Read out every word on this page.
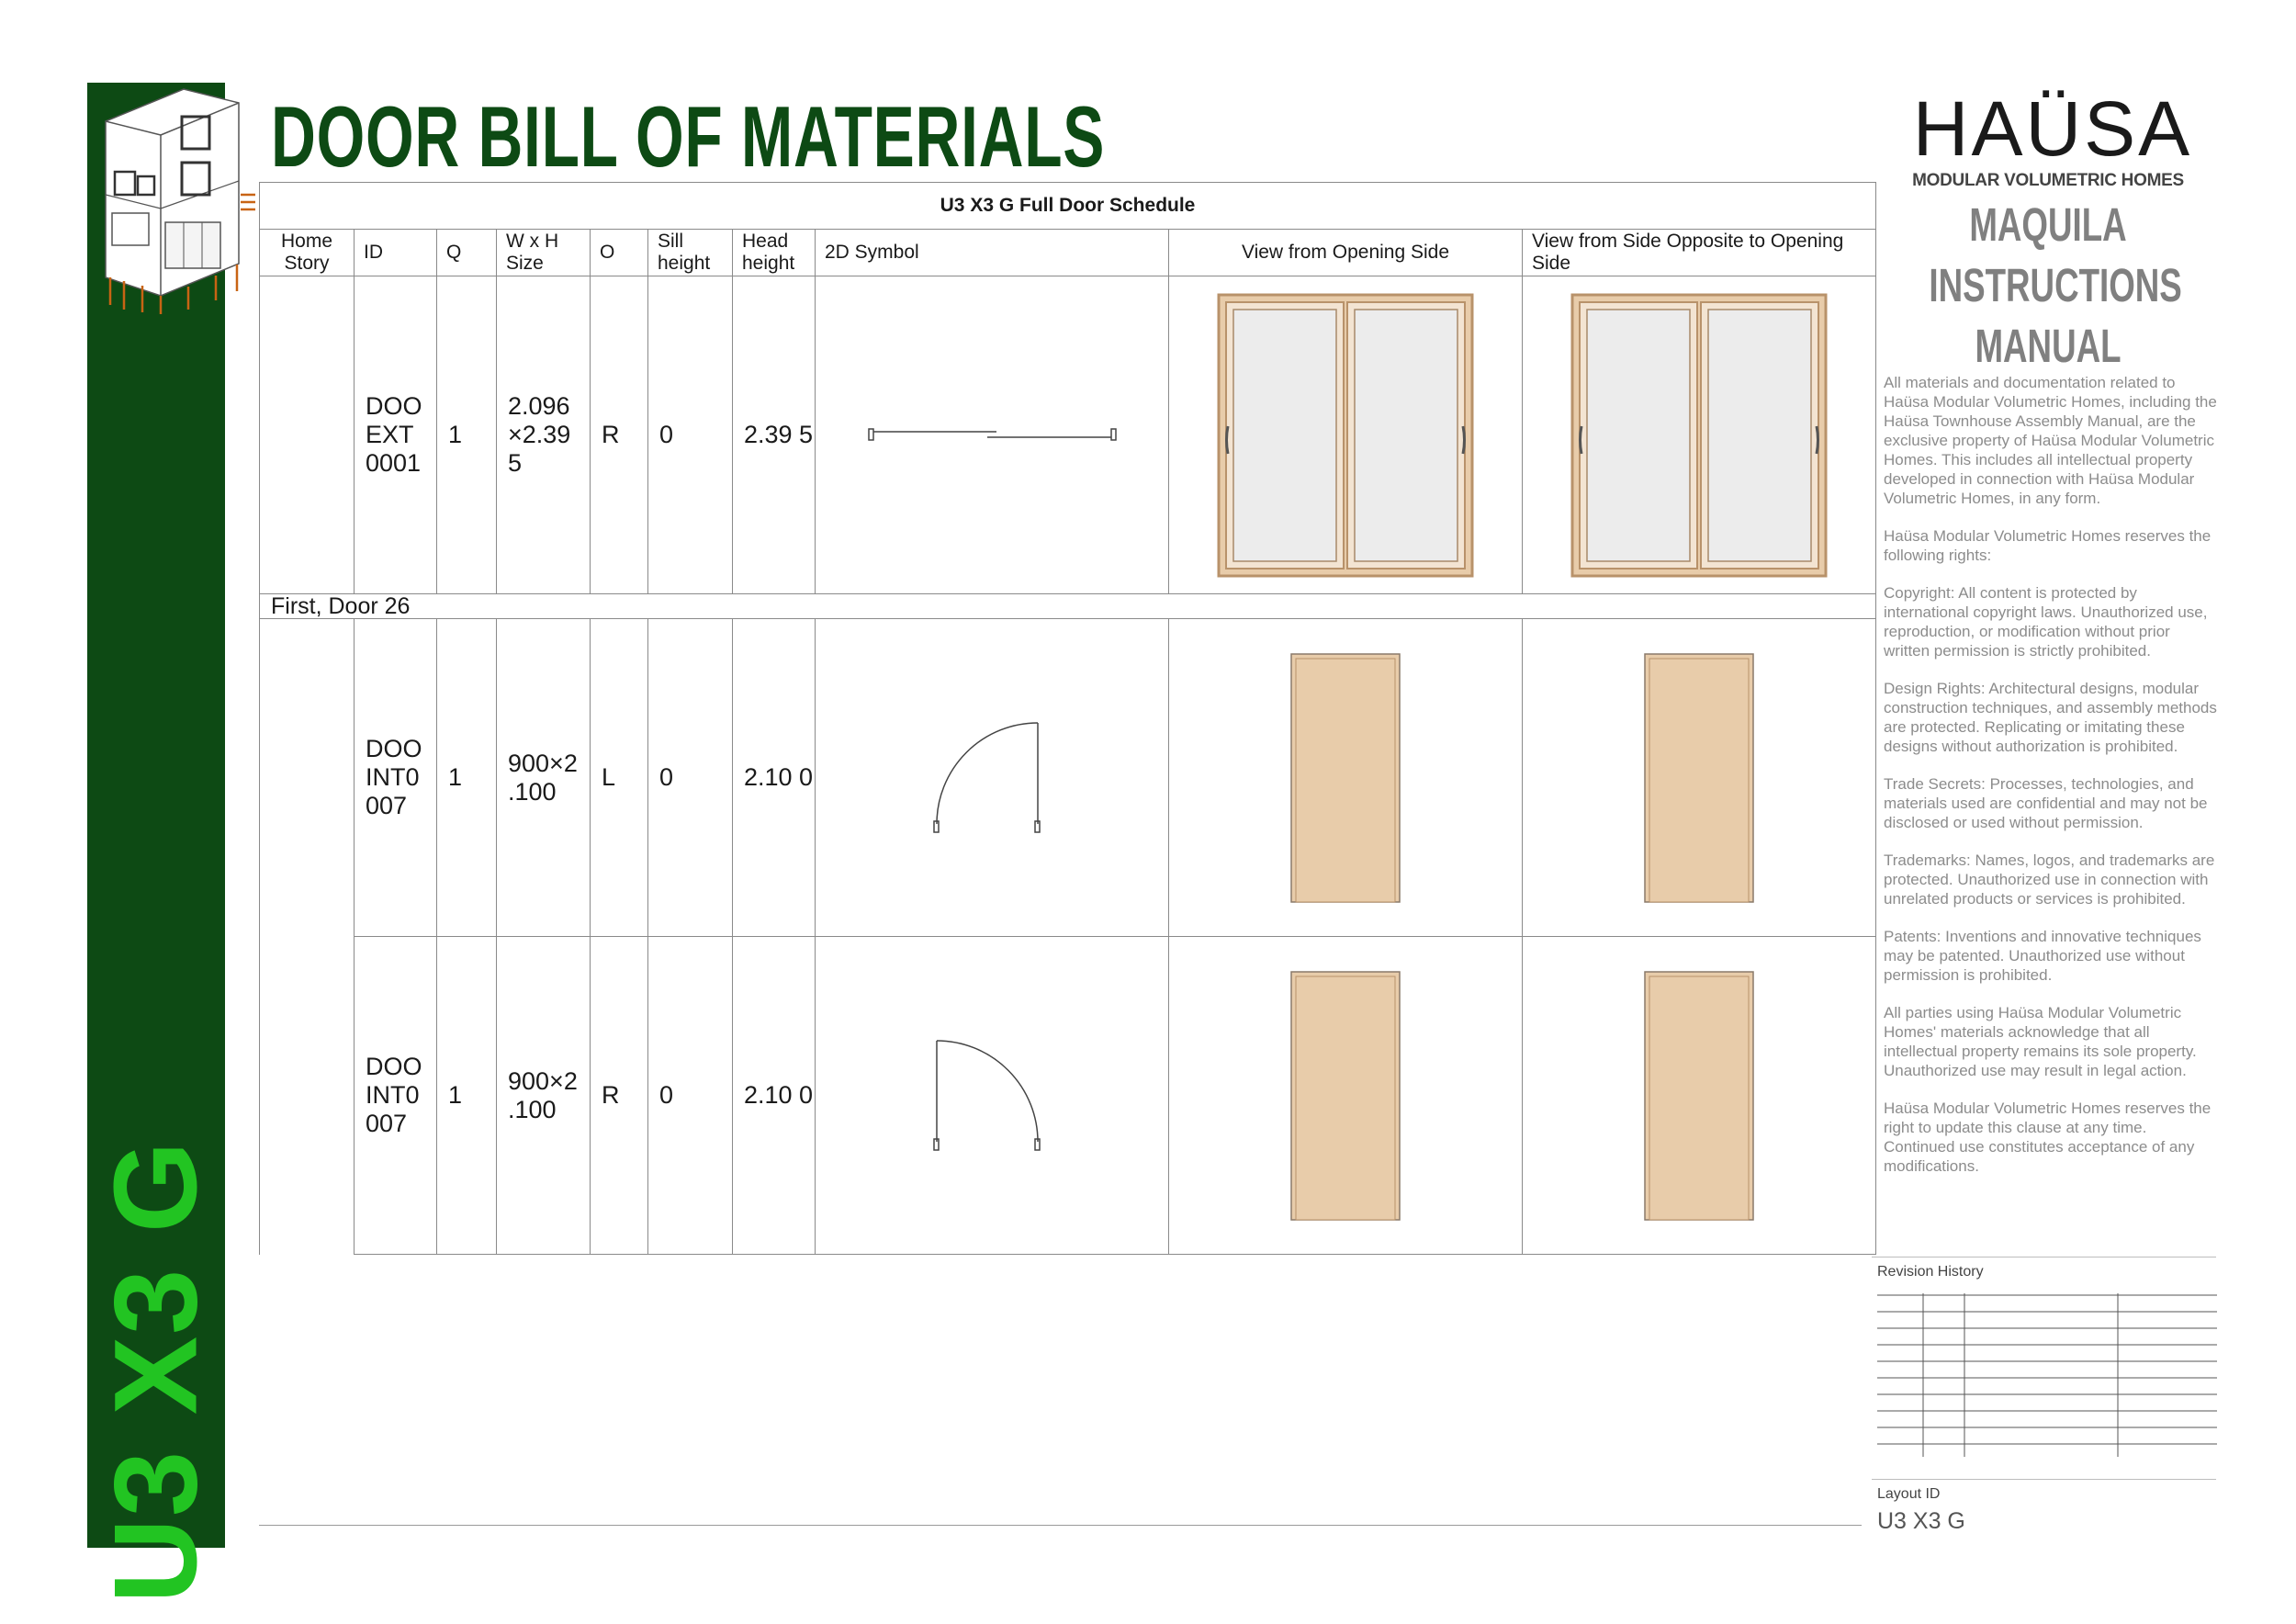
U3 X3 G
DOOR BILL OF MATERIALS
U3 X3 G Full Door Schedule									
Home Story	ID	Q	W x H Size	O	Sill height	Head height	2D Symbol	View from Opening Side	View from Side Opposite to Opening Side
	DOO EXT 0001	1	2.096 ×2.39 5	R	0	2.39 5	

First, Door 26									
	DOO INT0 007	1	900×2 .100	L	0	2.10 0	

	DOO INT0 007	1	900×2 .100	R	0	2.10 0	

HAÜSA
MODULAR VOLUMETRIC HOMES
MAQUILA
INSTRUCTIONS
MANUAL

All materials and documentation related to Haüsa Modular Volumetric Homes, including the Haüsa Townhouse Assembly Manual, are the exclusive property of Haüsa Modular Volumetric Homes. This includes all intellectual property developed in connection with Haüsa Modular Volumetric Homes, in any form.

Haüsa Modular Volumetric Homes reserves the following rights:

Copyright: All content is protected by international copyright laws. Unauthorized use, reproduction, or modification without prior written permission is strictly prohibited.

Design Rights: Architectural designs, modular construction techniques, and assembly methods are protected. Replicating or imitating these designs without authorization is prohibited.

Trade Secrets: Processes, technologies, and materials used are confidential and may not be disclosed or used without permission.

Trademarks: Names, logos, and trademarks are protected. Unauthorized use in connection with unrelated products or services is prohibited.

Patents: Inventions and innovative techniques may be patented. Unauthorized use without permission is prohibited.

All parties using Haüsa Modular Volumetric Homes' materials acknowledge that all intellectual property remains its sole property. Unauthorized use may result in legal action.

Haüsa Modular Volumetric Homes reserves the right to update this clause at any time. Continued use constitutes acceptance of any modifications.

Revision History
Layout ID
U3 X3 G
